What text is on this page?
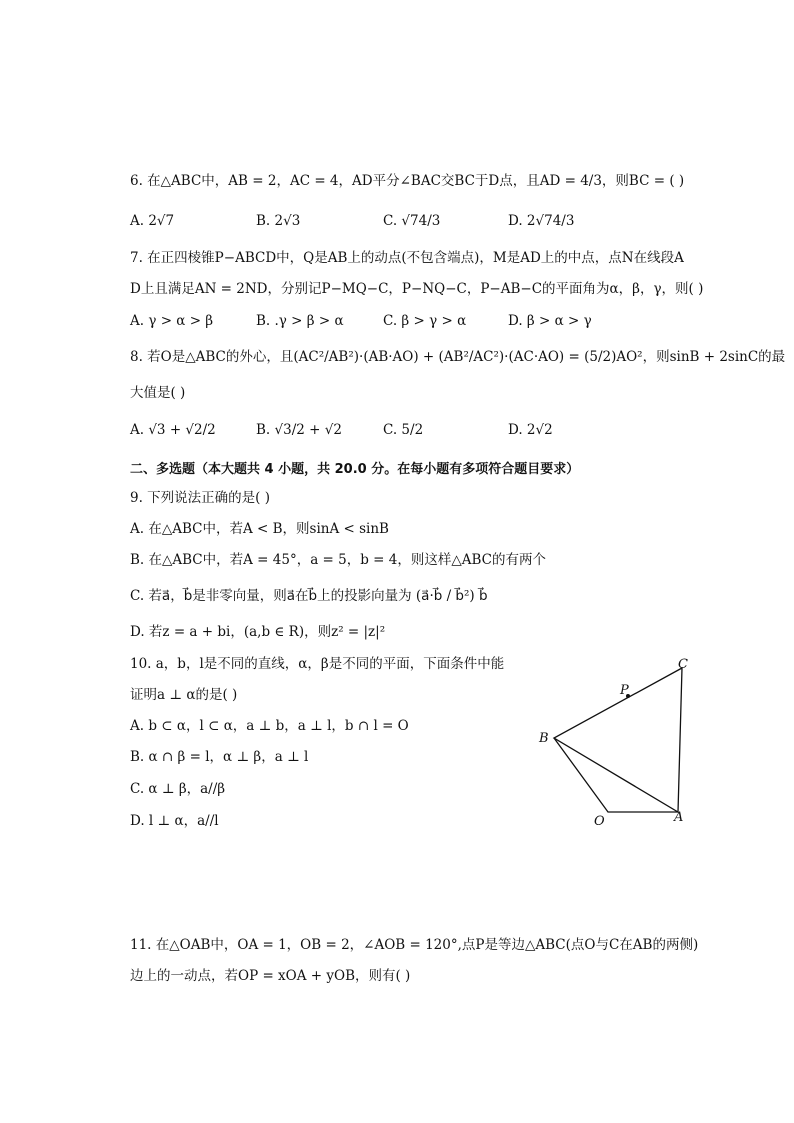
6. 在△ABC中，AB = 2，AC = 4，AD平分∠BAC交BC于D点，且AD = 4/3，则BC = ( )
A. 2√7	B. 2√3	C. √74/3	D. 2√74/3
7. 在正四棱锥P−ABCD中，Q是AB上的动点(不包含端点)，M是AD上的中点，点N在线段A
D上且满足AN = 2ND，分别记P−MQ−C，P−NQ−C，P−AB−C的平面角为α，β，γ，则( )
A. γ > α > β	B. .γ > β > α	C. β > γ > α	D. β > α > γ
8. 若O是△ABC的外心，且(AC²/AB²)·(AB·AO) + (AB²/AC²)·(AC·AO) = (5/2)AO²，则sinB + 2sinC的最
大值是( )
A. √3 + √2/2	B. √3/2 + √2	C. 5/2	D. 2√2
二、多选题（本大题共 4 小题，共 20.0 分。在每小题有多项符合题目要求）
9. 下列说法正确的是( )
A. 在△ABC中，若A < B，则sinA < sinB
B. 在△ABC中，若A = 45°，a = 5，b = 4，则这样△ABC的有两个
C. 若a⃗，b⃗是非零向量，则a⃗在b⃗上的投影向量为 (a⃗·b⃗ / b⃗²) b⃗
D. 若z = a + bi，(a,b ∈ R)，则z² = |z|²
10. a，b，l是不同的直线，α，β是不同的平面，下面条件中能
证明a ⊥ α的是( )
A. b ⊂ α，l ⊂ α，a ⊥ b，a ⊥ l，b ∩ l = O
B. α ∩ β = l，α ⊥ β，a ⊥ l
C. α ⊥ β，a//β
D. l ⊥ α，a//l
C
P
B
O	A
11. 在△OAB中，OA = 1，OB = 2，∠AOB = 120°,点P是等边△ABC(点O与C在AB的两侧)
边上的一动点，若OP = xOA + yOB，则有( )
